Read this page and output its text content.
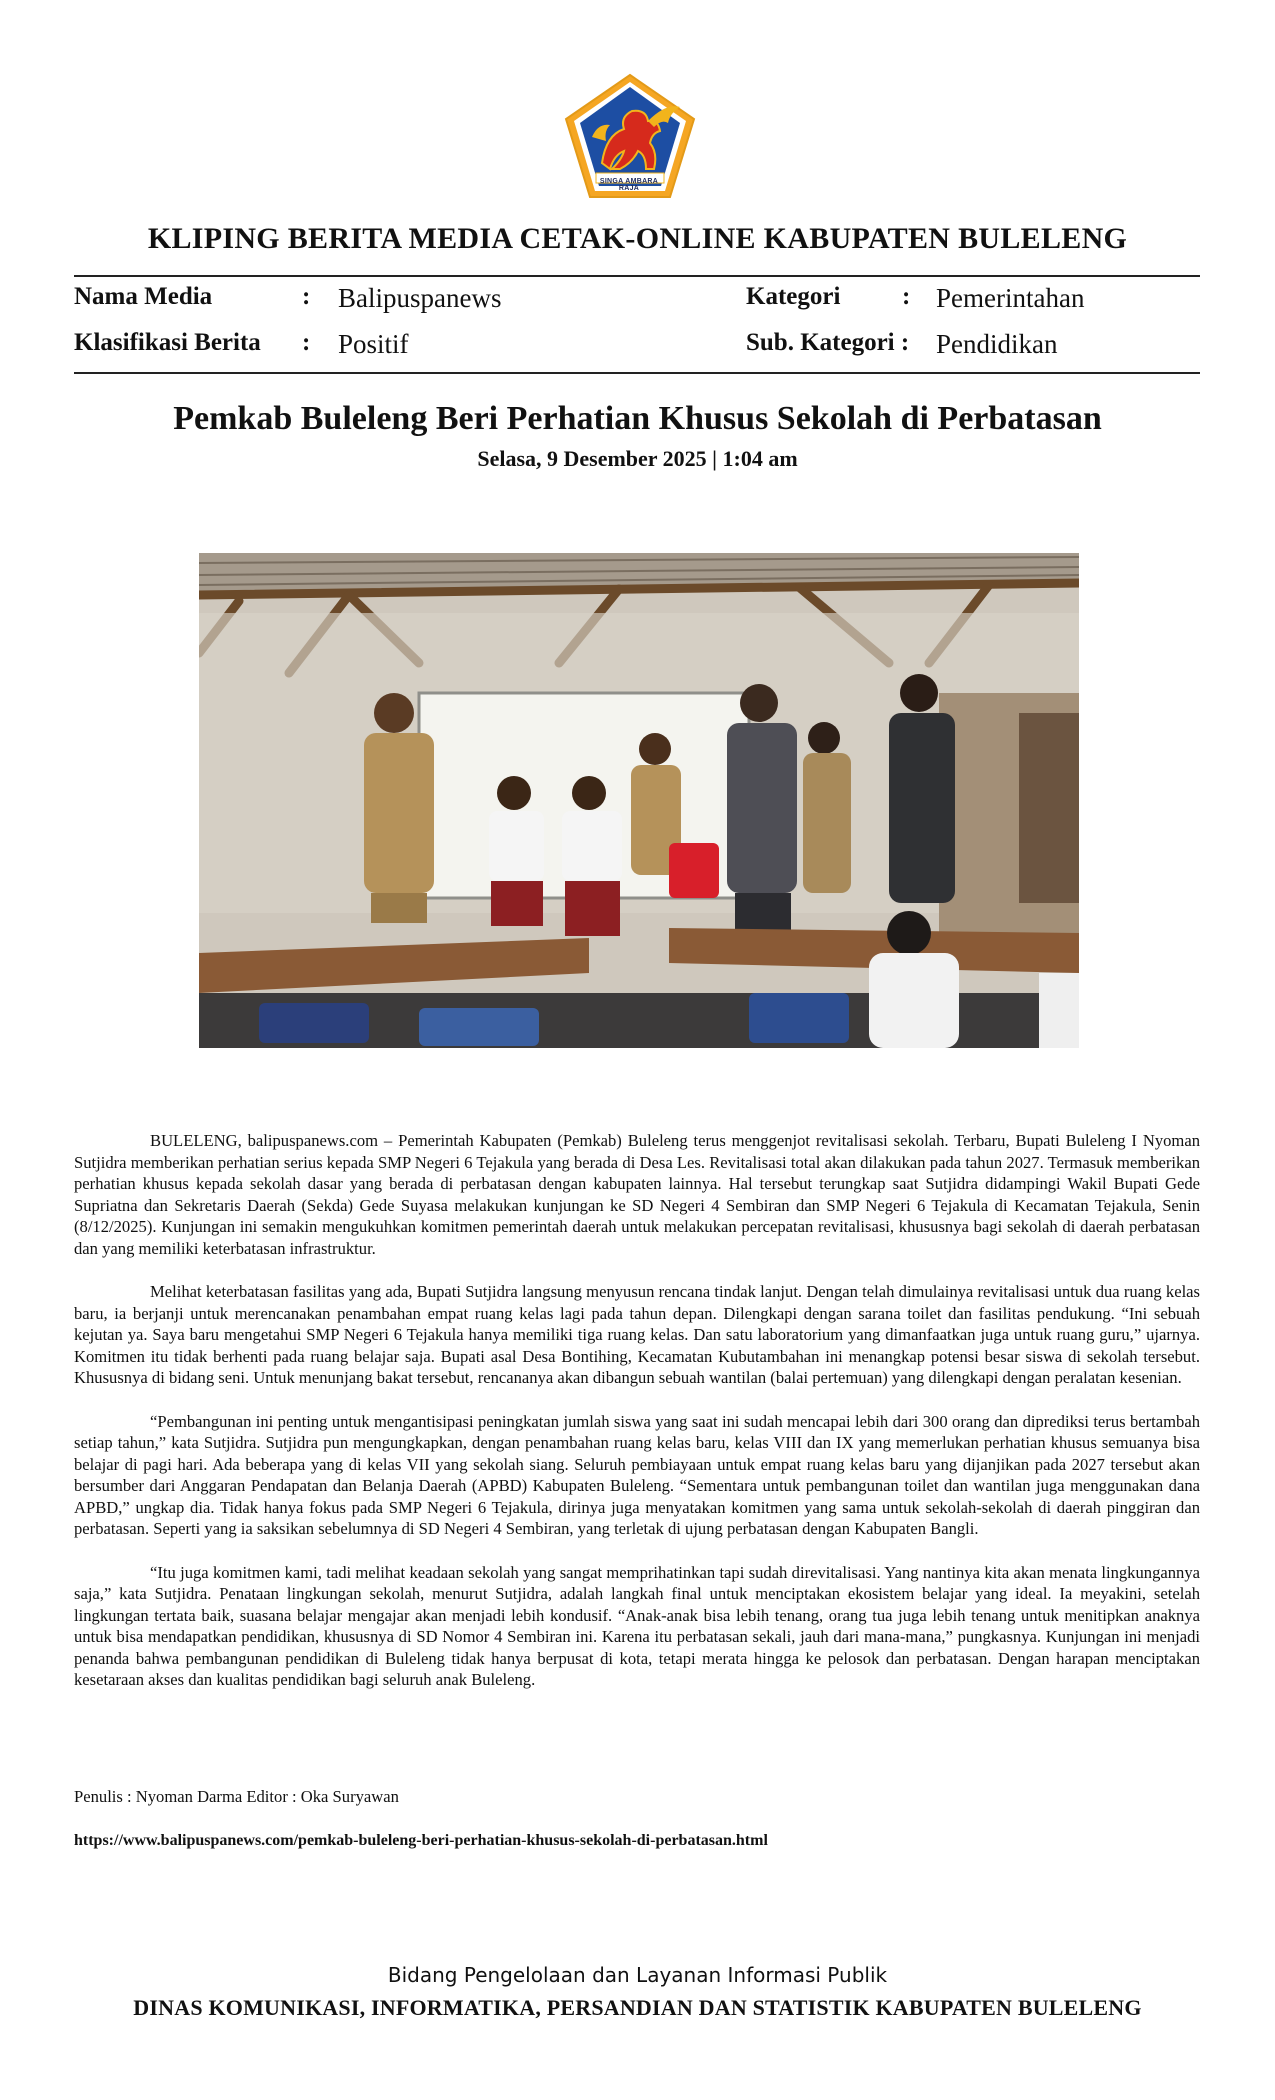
SINGA AMBARA RAJA
KLIPING BERITA MEDIA CETAK-ONLINE KABUPATEN BULELENG
Nama Media	: Balipuspanews	Kategori : Pemerintahan
Klasifikasi Berita : Positif	Sub. Kategori : Pendidikan
Pemkab Buleleng Beri Perhatian Khusus Sekolah di Perbatasan
Selasa, 9 Desember 2025 | 1:04 am

BULELENG, balipuspanews.com – Pemerintah Kabupaten (Pemkab) Buleleng terus menggenjot revitalisasi sekolah. Terbaru, Bupati Buleleng I Nyoman Sutjidra memberikan perhatian serius kepada SMP Negeri 6 Tejakula yang berada di Desa Les. Revitalisasi total akan dilakukan pada tahun 2027. Termasuk memberikan perhatian khusus kepada sekolah dasar yang berada di perbatasan dengan kabupaten lainnya. Hal tersebut terungkap saat Sutjidra didampingi Wakil Bupati Gede Supriatna dan Sekretaris Daerah (Sekda) Gede Suyasa melakukan kunjungan ke SD Negeri 4 Sembiran dan SMP Negeri 6 Tejakula di Kecamatan Tejakula, Senin (8/12/2025). Kunjungan ini semakin mengukuhkan komitmen pemerintah daerah untuk melakukan percepatan revitalisasi, khususnya bagi sekolah di daerah perbatasan dan yang memiliki keterbatasan infrastruktur.

Melihat keterbatasan fasilitas yang ada, Bupati Sutjidra langsung menyusun rencana tindak lanjut. Dengan telah dimulainya revitalisasi untuk dua ruang kelas baru, ia berjanji untuk merencanakan penambahan empat ruang kelas lagi pada tahun depan. Dilengkapi dengan sarana toilet dan fasilitas pendukung. “Ini sebuah kejutan ya. Saya baru mengetahui SMP Negeri 6 Tejakula hanya memiliki tiga ruang kelas. Dan satu laboratorium yang dimanfaatkan juga untuk ruang guru,” ujarnya. Komitmen itu tidak berhenti pada ruang belajar saja. Bupati asal Desa Bontihing, Kecamatan Kubutambahan ini menangkap potensi besar siswa di sekolah tersebut. Khususnya di bidang seni. Untuk menunjang bakat tersebut, rencananya akan dibangun sebuah wantilan (balai pertemuan) yang dilengkapi dengan peralatan kesenian.

“Pembangunan ini penting untuk mengantisipasi peningkatan jumlah siswa yang saat ini sudah mencapai lebih dari 300 orang dan diprediksi terus bertambah setiap tahun,” kata Sutjidra. Sutjidra pun mengungkapkan, dengan penambahan ruang kelas baru, kelas VIII dan IX yang memerlukan perhatian khusus semuanya bisa belajar di pagi hari. Ada beberapa yang di kelas VII yang sekolah siang. Seluruh pembiayaan untuk empat ruang kelas baru yang dijanjikan pada 2027 tersebut akan bersumber dari Anggaran Pendapatan dan Belanja Daerah (APBD) Kabupaten Buleleng. “Sementara untuk pembangunan toilet dan wantilan juga menggunakan dana APBD,” ungkap dia. Tidak hanya fokus pada SMP Negeri 6 Tejakula, dirinya juga menyatakan komitmen yang sama untuk sekolah-sekolah di daerah pinggiran dan perbatasan. Seperti yang ia saksikan sebelumnya di SD Negeri 4 Sembiran, yang terletak di ujung perbatasan dengan Kabupaten Bangli.

“Itu juga komitmen kami, tadi melihat keadaan sekolah yang sangat memprihatinkan tapi sudah direvitalisasi. Yang nantinya kita akan menata lingkungannya saja,” kata Sutjidra. Penataan lingkungan sekolah, menurut Sutjidra, adalah langkah final untuk menciptakan ekosistem belajar yang ideal. Ia meyakini, setelah lingkungan tertata baik, suasana belajar mengajar akan menjadi lebih kondusif. “Anak-anak bisa lebih tenang, orang tua juga lebih tenang untuk menitipkan anaknya untuk bisa mendapatkan pendidikan, khususnya di SD Nomor 4 Sembiran ini. Karena itu perbatasan sekali, jauh dari mana-mana,” pungkasnya. Kunjungan ini menjadi penanda bahwa pembangunan pendidikan di Buleleng tidak hanya berpusat di kota, tetapi merata hingga ke pelosok dan perbatasan. Dengan harapan menciptakan kesetaraan akses dan kualitas pendidikan bagi seluruh anak Buleleng.

Penulis : Nyoman Darma Editor : Oka Suryawan
https://www.balipuspanews.com/pemkab-buleleng-beri-perhatian-khusus-sekolah-di-perbatasan.html
Bidang Pengelolaan dan Layanan Informasi Publik
DINAS KOMUNIKASI, INFORMATIKA, PERSANDIAN DAN STATISTIK KABUPATEN BULELENG
